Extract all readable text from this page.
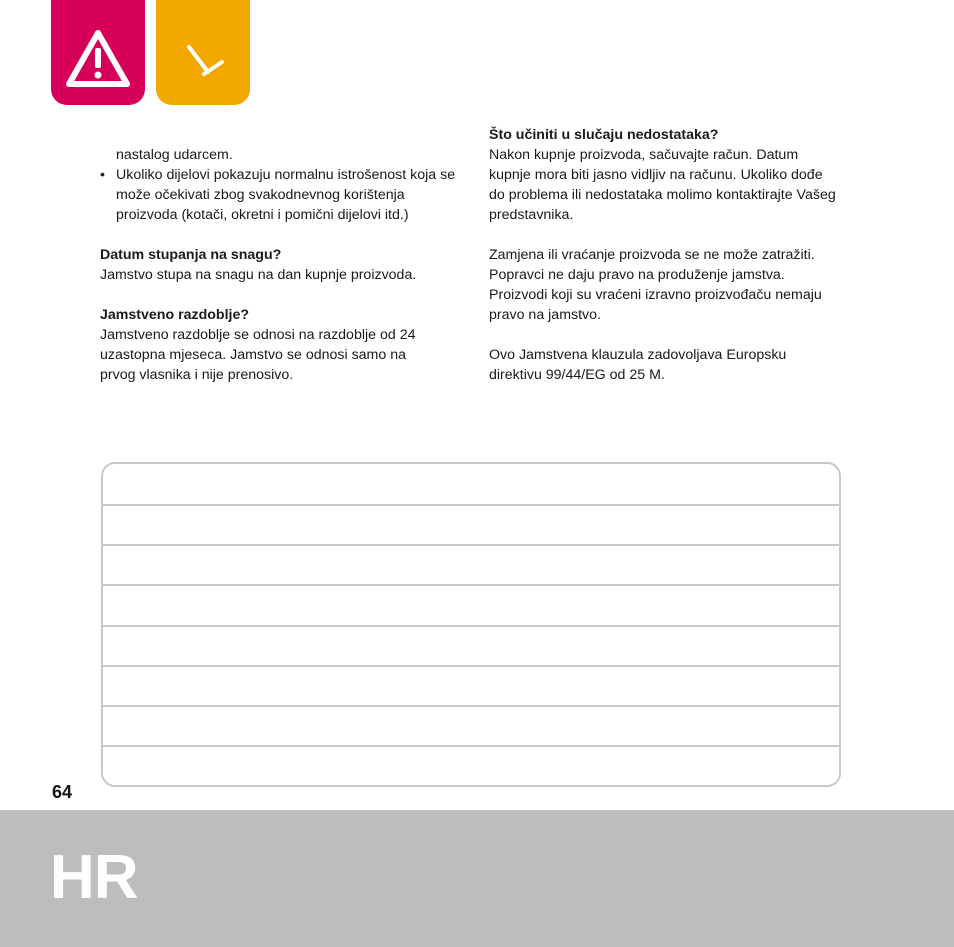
nastalog udarcem.

• Ukoliko dijelovi pokazuju normalnu istrošenost koja se može očekivati zbog svakodnevnog korištenja proizvoda (kotači, okretni i pomični dijelovi itd.)

Datum stupanja na snagu?

Jamstvo stupa na snagu na dan kupnje proizvoda.

Jamstveno razdoblje?

Jamstveno razdoblje se odnosi na razdoblje od 24 uzastopna mjeseca. Jamstvo se odnosi samo na prvog vlasnika i nije prenosivo.

Što učiniti u slučaju nedostataka?

Nakon kupnje proizvoda, sačuvajte račun. Datum kupnje mora biti jasno vidljiv na računu. Ukoliko dođe do problema ili nedostataka molimo kontaktirajte Vašeg predstavnika.

Zamjena ili vraćanje proizvoda se ne može zatražiti. Popravci ne daju pravo na produženje jamstva. Proizvodi koji su vraćeni izravno proizvođaču nemaju pravo na jamstvo.

Ovo Jamstvena klauzula zadovoljava Europsku direktivu 99/44/EG od 25 M.

64
HR
